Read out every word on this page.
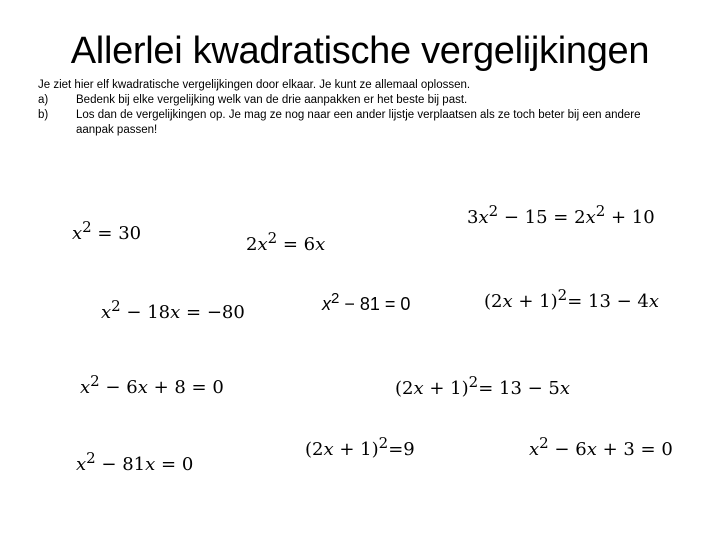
Allerlei kwadratische vergelijkingen
Je ziet hier elf kwadratische vergelijkingen door elkaar. Je kunt ze allemaal oplossen.
a)	Bedenk bij elke vergelijking welk van de drie aanpakken er het beste bij past.
b)	Los dan de vergelijkingen op. Je mag ze nog naar een ander lijstje verplaatsen als ze toch beter bij een andere
aanpak passen!
$x^2 = 30$
$2x^2 = 6x$
$3x^2 - 15 = 2x^2 + 10$
$x^2 - 18x = -80$	$x^2 - 81 = 0$	$(2x + 1)^2= 13 - 4x$
$x^2 - 6x + 8 = 0$	$(2x + 1)^2= 13 - 5x$
$(2x + 1)^2=9$	$x^2 - 6x + 3 = 0$
$x^2 - 81x = 0$
